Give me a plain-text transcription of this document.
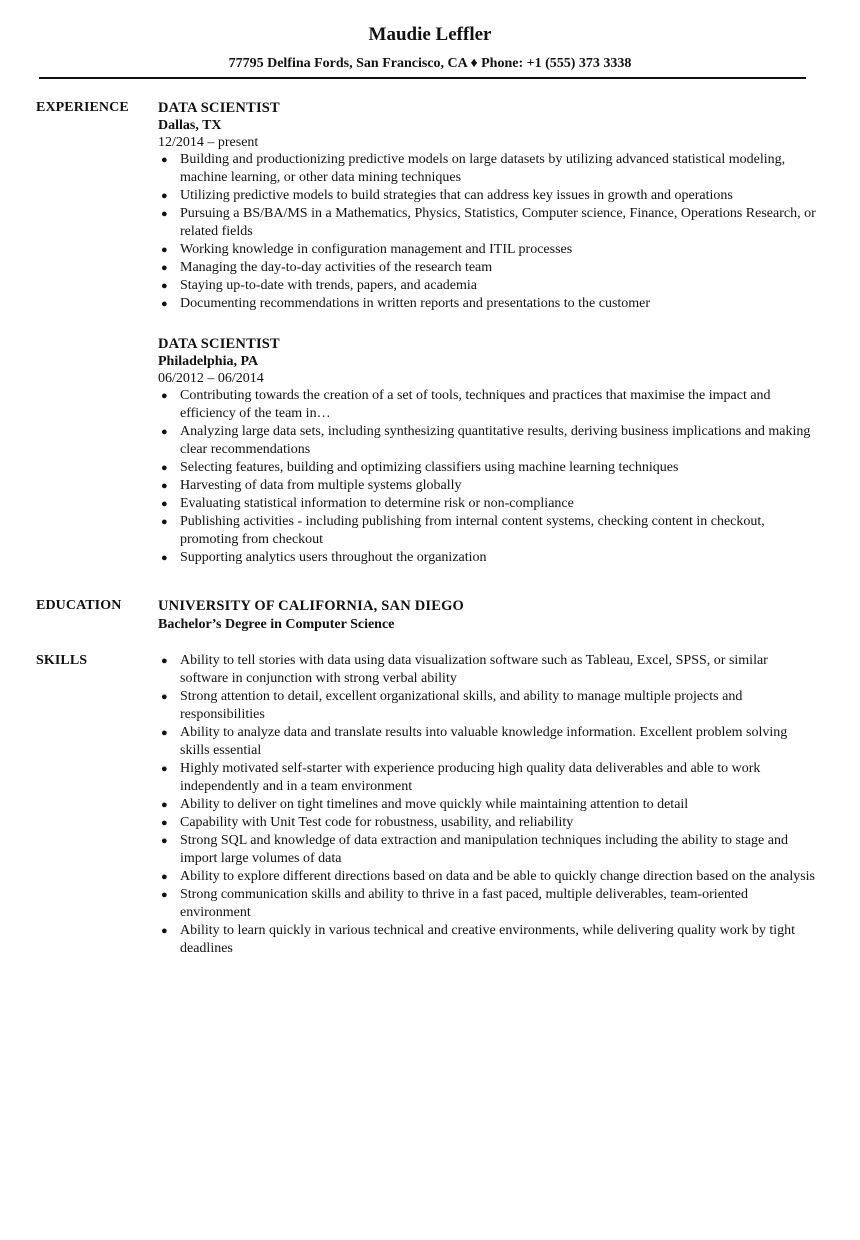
Maudie Leffler
77795 Delfina Fords, San Francisco, CA ♦ Phone: +1 (555) 373 3338
EXPERIENCE DATA SCIENTIST
Dallas, TX
12/2014 – present
● Building and productionizing predictive models on large datasets by utilizing advanced statistical modeling, machine learning, or other data mining techniques
● Utilizing predictive models to build strategies that can address key issues in growth and operations
● Pursuing a BS/BA/MS in a Mathematics, Physics, Statistics, Computer science, Finance, Operations Research, or related fields
● Working knowledge in configuration management and ITIL processes
● Managing the day-to-day activities of the research team
● Staying up-to-date with trends, papers, and academia
● Documenting recommendations in written reports and presentations to the customer
DATA SCIENTIST
Philadelphia, PA
06/2012 – 06/2014
● Contributing towards the creation of a set of tools, techniques and practices that maximise the impact and efficiency of the team in…
● Analyzing large data sets, including synthesizing quantitative results, deriving business implications and making clear recommendations
● Selecting features, building and optimizing classifiers using machine learning techniques
● Harvesting of data from multiple systems globally
● Evaluating statistical information to determine risk or non-compliance
● Publishing activities - including publishing from internal content systems, checking content in checkout, promoting from checkout
● Supporting analytics users throughout the organization
EDUCATION	UNIVERSITY OF CALIFORNIA, SAN DIEGO
Bachelor’s Degree in Computer Science
SKILLS	● Ability to tell stories with data using data visualization software such as Tableau, Excel, SPSS, or similar software in conjunction with strong verbal ability
● Strong attention to detail, excellent organizational skills, and ability to manage multiple projects and responsibilities
● Ability to analyze data and translate results into valuable knowledge information. Excellent problem solving skills essential
● Highly motivated self-starter with experience producing high quality data deliverables and able to work independently and in a team environment
● Ability to deliver on tight timelines and move quickly while maintaining attention to detail
● Capability with Unit Test code for robustness, usability, and reliability
● Strong SQL and knowledge of data extraction and manipulation techniques including the ability to stage and import large volumes of data
● Ability to explore different directions based on data and be able to quickly change direction based on the analysis
● Strong communication skills and ability to thrive in a fast paced, multiple deliverables, team-oriented environment
● Ability to learn quickly in various technical and creative environments, while delivering quality work by tight deadlines
